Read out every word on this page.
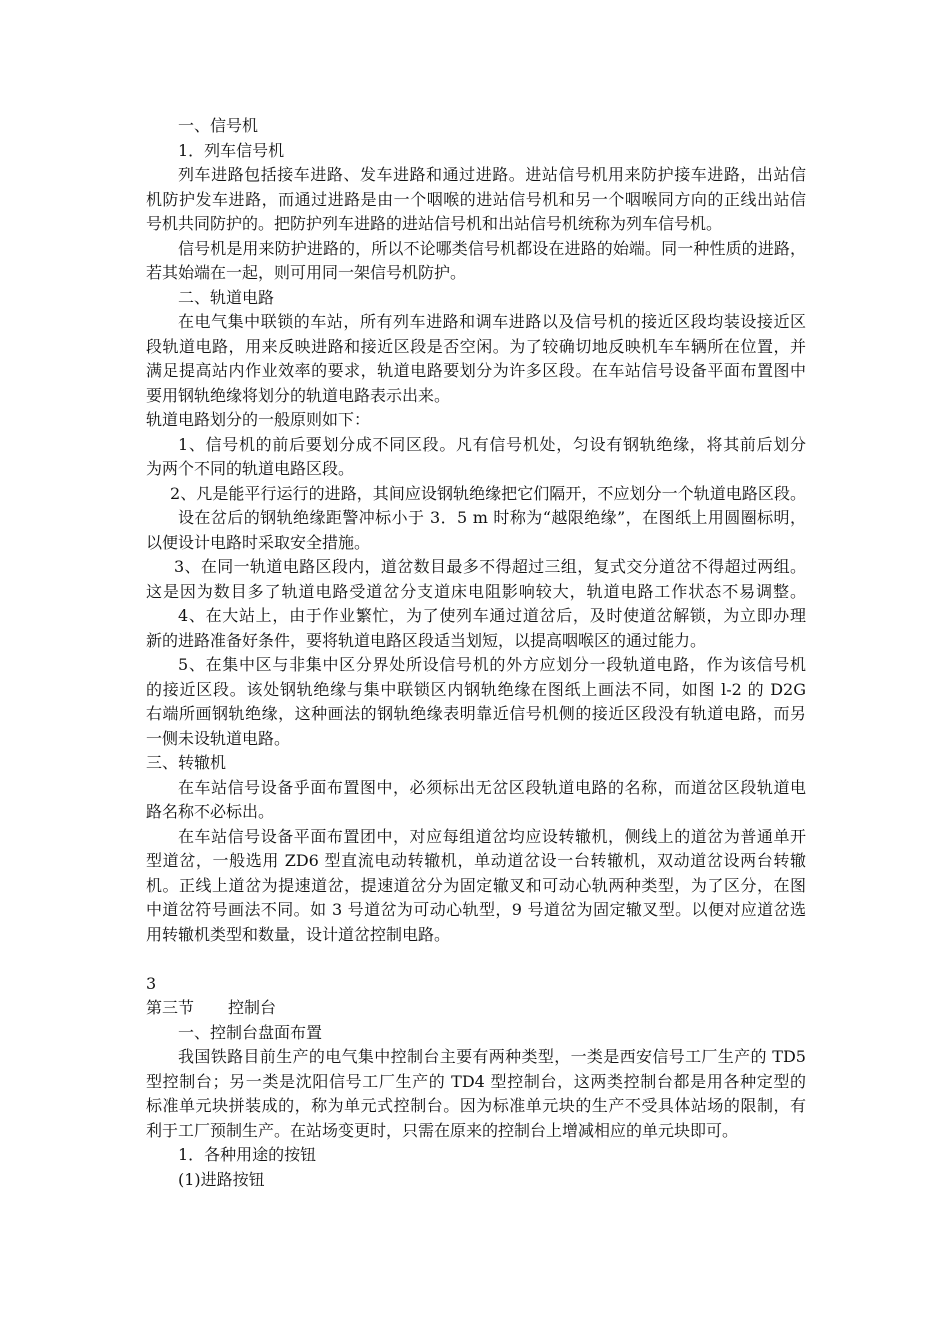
一、信号机
1．列车信号机
列车进路包括接车进路、发车进路和通过进路。进站信号机用来防护接车进路，出站信
机防护发车进路，而通过进路是由一个咽喉的进站信号机和另一个咽喉同方向的正线出站信
号机共同防护的。把防护列车进路的进站信号机和出站信号机统称为列车信号机。
信号机是用来防护进路的，所以不论哪类信号机都设在进路的始端。同一种性质的进路，
若其始端在一起，则可用同一架信号机防护。
二、轨道电路
在电气集中联锁的车站，所有列车进路和调车进路以及信号机的接近区段均装设接近区
段轨道电路，用来反映进路和接近区段是否空闲。为了较确切地反映机车车辆所在位置，并
满足提高站内作业效率的要求，轨道电路要划分为许多区段。在车站信号设备平面布置图中
要用钢轨绝缘将划分的轨道电路表示出来。
轨道电路划分的一般原则如下：
1、信号机的前后要划分成不同区段。凡有信号机处，匀设有钢轨绝缘，将其前后划分
为两个不同的轨道电路区段。
2、凡是能平行运行的进路，其间应设钢轨绝缘把它们隔开，不应划分一个轨道电路区段。
设在岔后的钢轨绝缘距警冲标小于 3．5 m 时称为“越限绝缘”，在图纸上用圆圈标明，
以便设计电路时采取安全措施。
3、在同一轨道电路区段内，道岔数目最多不得超过三组，复式交分道岔不得超过两组。
这是因为数目多了轨道电路受道岔分支道床电阻影响较大，轨道电路工作状态不易调整。
4、在大站上，由于作业繁忙，为了使列车通过道岔后，及时使道岔解锁，为立即办理
新的进路准备好条件，要将轨道电路区段适当划短，以提高咽喉区的通过能力。
5、在集中区与非集中区分界处所设信号机的外方应划分一段轨道电路，作为该信号机
的接近区段。该处钢轨绝缘与集中联锁区内钢轨绝缘在图纸上画法不同，如图 l-2 的 D2G
右端所画钢轨绝缘，这种画法的钢轨绝缘表明靠近信号机侧的接近区段没有轨道电路，而另
一侧未设轨道电路。
三、转辙机
在车站信号设备乎面布置图中，必须标出无岔区段轨道电路的名称，而道岔区段轨道电
路名称不必标出。
在车站信号设备平面布置团中，对应每组道岔均应设转辙机，侧线上的道岔为普通单开
型道岔，一般选用 ZD6 型直流电动转辙机，单动道岔设一台转辙机，双动道岔设两台转辙
机。正线上道岔为提速道岔，提速道岔分为固定辙叉和可动心轨两种类型，为了区分，在图
中道岔符号画法不同。如 3 号道岔为可动心轨型，9 号道岔为固定辙叉型。以便对应道岔选
用转辙机类型和数量，设计道岔控制电路。
3
第三节	控制台
一、控制台盘面布置
我国铁路目前生产的电气集中控制台主要有两种类型，一类是西安信号工厂生产的 TD5
型控制台；另一类是沈阳信号工厂生产的 TD4 型控制台，这两类控制台都是用各种定型的
标准单元块拼装成的，称为单元式控制台。因为标准单元块的生产不受具体站场的限制，有
利于工厂预制生产。在站场变更时，只需在原来的控制台上增减相应的单元块即可。
1．各种用途的按钮
(1)进路按钮
